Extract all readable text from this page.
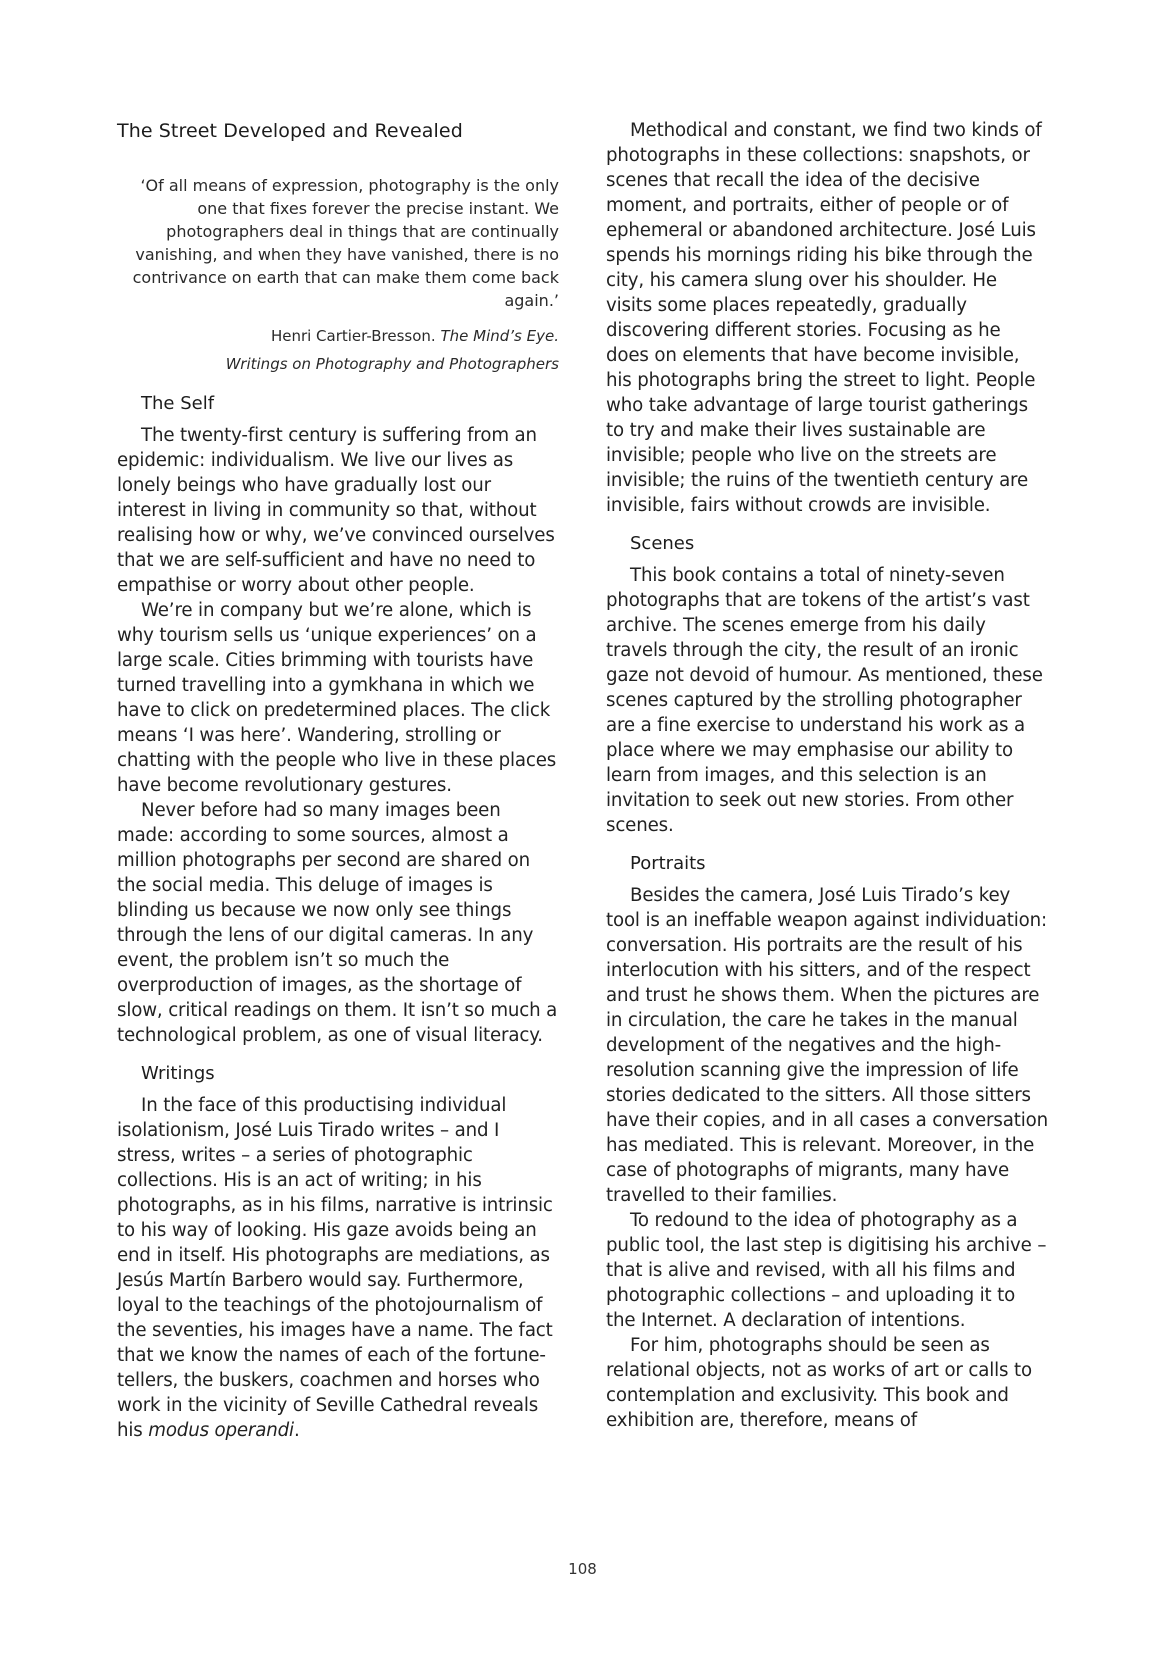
The Street Developed and Revealed

‘Of all means of expression, photography is the only one that fixes forever the precise instant. We photographers deal in things that are continually vanishing, and when they have vanished, there is no contrivance on earth that can make them come back again.’

Henri Cartier-Bresson. The Mind’s Eye.
Writings on Photography and Photographers

The Self

The twenty-first century is suffering from an epidemic: individualism. We live our lives as lonely beings who have gradually lost our interest in living in community so that, without realising how or why, we’ve convinced ourselves that we are self-sufficient and have no need to empathise or worry about other people.

We’re in company but we’re alone, which is why tourism sells us ‘unique experiences’ on a large scale. Cities brimming with tourists have turned travelling into a gymkhana in which we have to click on predetermined places. The click means ‘I was here’. Wandering, strolling or chatting with the people who live in these places have become revolutionary gestures.

Never before had so many images been made: according to some sources, almost a million photographs per second are shared on the social media. This deluge of images is blinding us because we now only see things through the lens of our digital cameras. In any event, the problem isn’t so much the overproduction of images, as the shortage of slow, critical readings on them. It isn’t so much a technological problem, as one of visual literacy.

Writings

In the face of this productising individual isolationism, José Luis Tirado writes – and I stress, writes – a series of photographic collections. His is an act of writing; in his photographs, as in his films, narrative is intrinsic to his way of looking. His gaze avoids being an end in itself. His photographs are mediations, as Jesús Martín Barbero would say. Furthermore, loyal to the teachings of the photojournalism of the seventies, his images have a name. The fact that we know the names of each of the fortune-tellers, the buskers, coachmen and horses who work in the vicinity of Seville Cathedral reveals his modus operandi.

Methodical and constant, we find two kinds of photographs in these collections: snapshots, or scenes that recall the idea of the decisive moment, and portraits, either of people or of ephemeral or abandoned architecture. José Luis spends his mornings riding his bike through the city, his camera slung over his shoulder. He visits some places repeatedly, gradually discovering different stories. Focusing as he does on elements that have become invisible, his photographs bring the street to light. People who take advantage of large tourist gatherings to try and make their lives sustainable are invisible; people who live on the streets are invisible; the ruins of the twentieth century are invisible, fairs without crowds are invisible.

Scenes

This book contains a total of ninety-seven photographs that are tokens of the artist’s vast archive. The scenes emerge from his daily travels through the city, the result of an ironic gaze not devoid of humour. As mentioned, these scenes captured by the strolling photographer are a fine exercise to understand his work as a place where we may emphasise our ability to learn from images, and this selection is an invitation to seek out new stories. From other scenes.

Portraits

Besides the camera, José Luis Tirado’s key tool is an ineffable weapon against individuation: conversation. His portraits are the result of his interlocution with his sitters, and of the respect and trust he shows them. When the pictures are in circulation, the care he takes in the manual development of the negatives and the high-resolution scanning give the impression of life stories dedicated to the sitters. All those sitters have their copies, and in all cases a conversation has mediated. This is relevant. Moreover, in the case of photographs of migrants, many have travelled to their families.

To redound to the idea of photography as a public tool, the last step is digitising his archive – that is alive and revised, with all his films and photographic collections – and uploading it to the Internet. A declaration of intentions.

For him, photographs should be seen as relational objects, not as works of art or calls to contemplation and exclusivity. This book and exhibition are, therefore, means of

108
